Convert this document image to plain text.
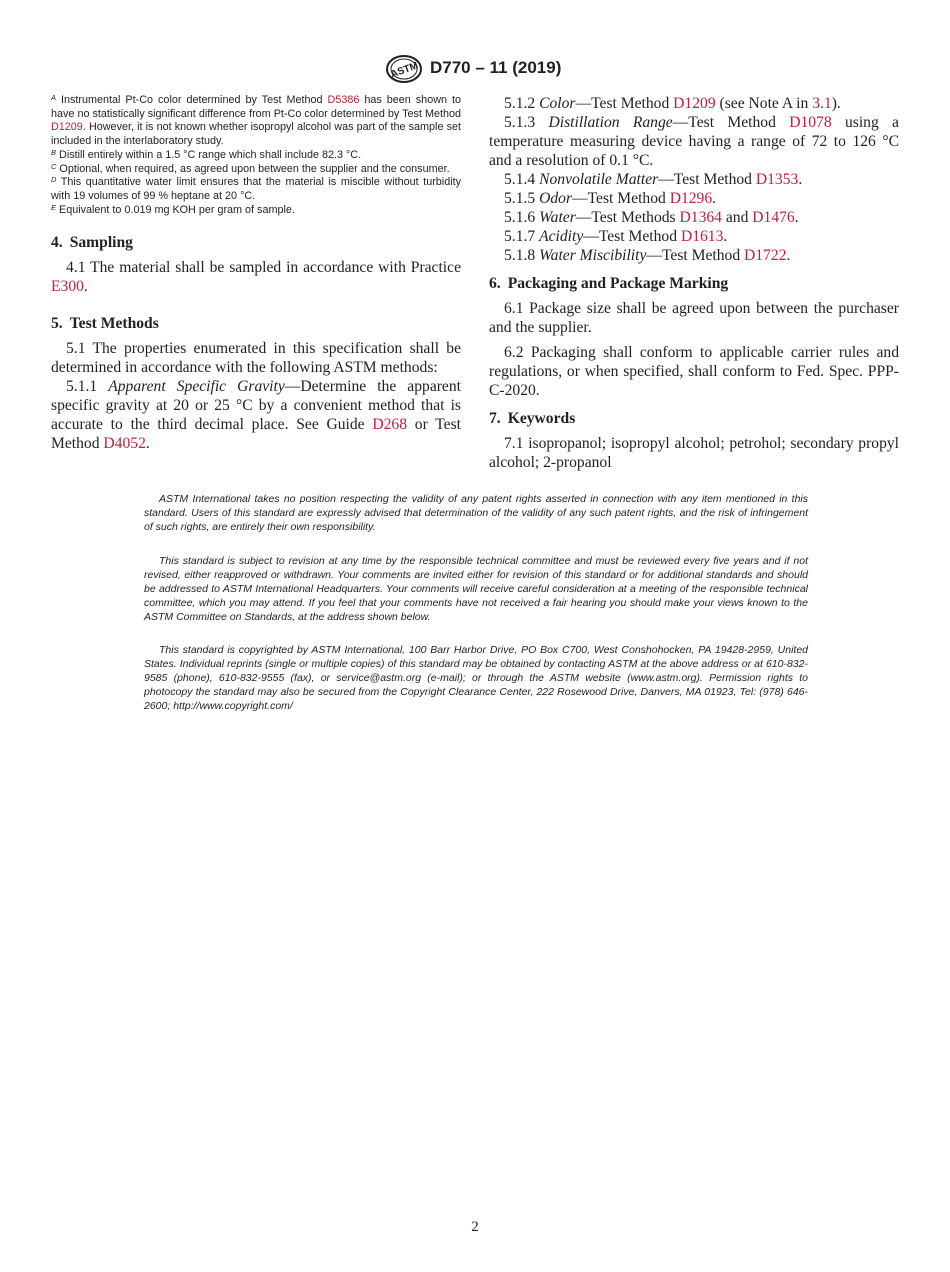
ASTM D770 – 11 (2019)

$^A$ Instrumental Pt-Co color determined by Test Method D5386 has been shown to have no statistically significant difference from Pt-Co color determined by Test Method D1209. However, it is not known whether isopropyl alcohol was part of the sample set included in the interlaboratory study.

$^B$ Distill entirely within a 1.5 °C range which shall include 82.3 °C.

$^C$ Optional, when required, as agreed upon between the supplier and the consumer.

$^D$ This quantitative water limit ensures that the material is miscible without turbidity with 19 volumes of 99 % heptane at 20 °C.

$^E$ Equivalent to 0.019 mg KOH per gram of sample.

4. Sampling

4.1 The material shall be sampled in accordance with Practice E300.

5. Test Methods

5.1 The properties enumerated in this specification shall be determined in accordance with the following ASTM methods:

5.1.1 Apparent Specific Gravity—Determine the apparent specific gravity at 20 or 25 °C by a convenient method that is accurate to the third decimal place. See Guide D268 or Test Method D4052.

5.1.2 Color—Test Method D1209 (see Note A in 3.1).

5.1.3 Distillation Range—Test Method D1078 using a temperature measuring device having a range of 72 to 126 °C and a resolution of 0.1 °C.

5.1.4 Nonvolatile Matter—Test Method D1353.

5.1.5 Odor—Test Method D1296.

5.1.6 Water—Test Methods D1364 and D1476.

5.1.7 Acidity—Test Method D1613.

5.1.8 Water Miscibility—Test Method D1722.

6. Packaging and Package Marking

6.1 Package size shall be agreed upon between the purchaser and the supplier.

6.2 Packaging shall conform to applicable carrier rules and regulations, or when specified, shall conform to Fed. Spec. PPP-C-2020.

7. Keywords

7.1 isopropanol; isopropyl alcohol; petrohol; secondary propyl alcohol; 2-propanol

ASTM International takes no position respecting the validity of any patent rights asserted in connection with any item mentioned in this standard. Users of this standard are expressly advised that determination of the validity of any such patent rights, and the risk of infringement of such rights, are entirely their own responsibility.

This standard is subject to revision at any time by the responsible technical committee and must be reviewed every five years and if not revised, either reapproved or withdrawn. Your comments are invited either for revision of this standard or for additional standards and should be addressed to ASTM International Headquarters. Your comments will receive careful consideration at a meeting of the responsible technical committee, which you may attend. If you feel that your comments have not received a fair hearing you should make your views known to the ASTM Committee on Standards, at the address shown below.

This standard is copyrighted by ASTM International, 100 Barr Harbor Drive, PO Box C700, West Conshohocken, PA 19428-2959, United States. Individual reprints (single or multiple copies) of this standard may be obtained by contacting ASTM at the above address or at 610-832-9585 (phone), 610-832-9555 (fax), or service@astm.org (e-mail); or through the ASTM website (www.astm.org). Permission rights to photocopy the standard may also be secured from the Copyright Clearance Center, 222 Rosewood Drive, Danvers, MA 01923, Tel: (978) 646-2600; http://www.copyright.com/

2
